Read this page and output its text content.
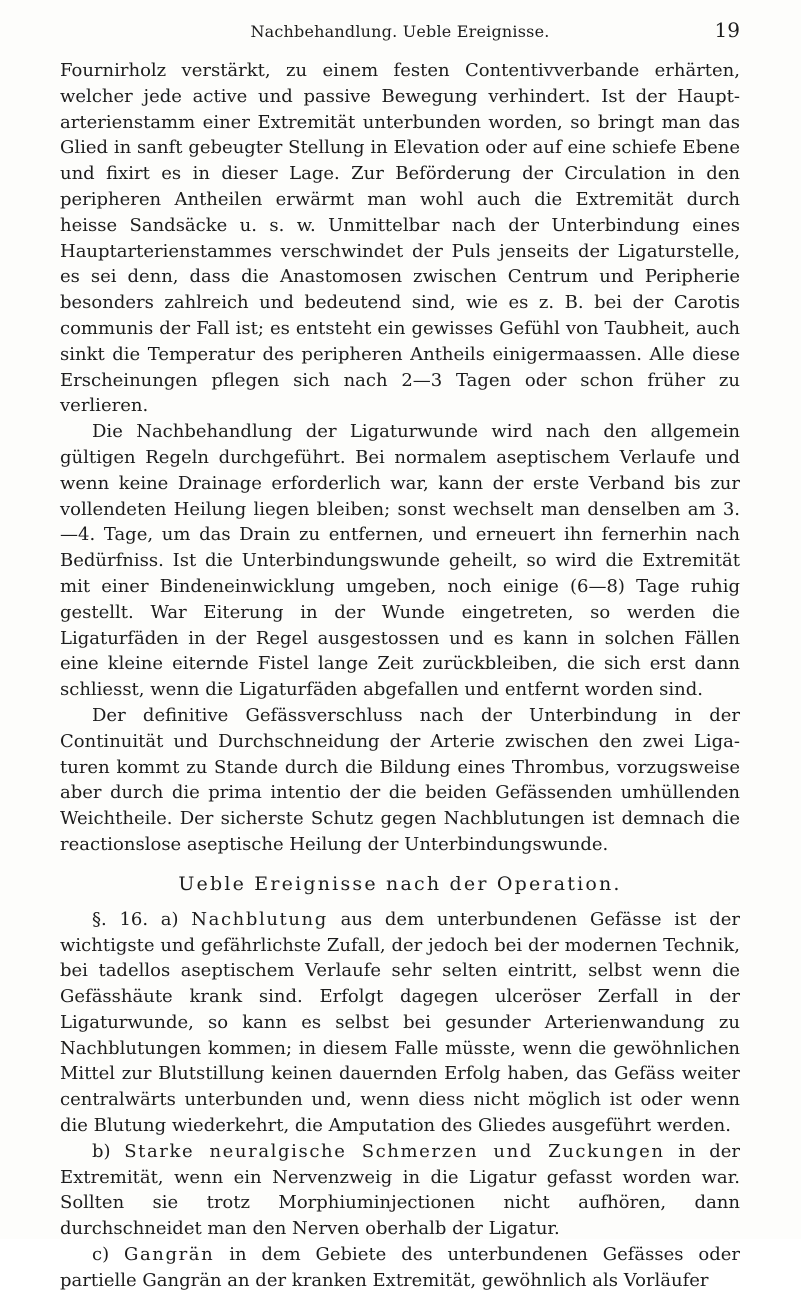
Nachbehandlung. Ueble Ereignisse.	19

Fournirholz verstärkt, zu einem festen Contentivverbande erhärten, welcher jede active und passive Bewegung verhindert. Ist der Hauptarterienstamm einer Extremität unterbunden worden, so bringt man das Glied in sanft gebeugter Stellung in Elevation oder auf eine schiefe Ebene und fixirt es in dieser Lage. Zur Beförderung der Circulation in den peripheren Antheilen erwärmt man wohl auch die Extremität durch heisse Sandsäcke u. s. w. Unmittelbar nach der Unterbindung eines Hauptarterienstammes verschwindet der Puls jenseits der Ligaturstelle, es sei denn, dass die Anastomosen zwischen Centrum und Peripherie besonders zahlreich und bedeutend sind, wie es z. B. bei der Carotis communis der Fall ist; es entsteht ein gewisses Gefühl von Taubheit, auch sinkt die Temperatur des peripheren Antheils einigermaassen. Alle diese Erscheinungen pflegen sich nach 2—3 Tagen oder schon früher zu verlieren.

Die Nachbehandlung der Ligaturwunde wird nach den allgemein gültigen Regeln durchgeführt. Bei normalem aseptischem Verlaufe und wenn keine Drainage erforderlich war, kann der erste Verband bis zur vollendeten Heilung liegen bleiben; sonst wechselt man denselben am 3.—4. Tage, um das Drain zu entfernen, und erneuert ihn fernerhin nach Bedürfniss. Ist die Unterbindungswunde geheilt, so wird die Extremität mit einer Bindeneinwicklung umgeben, noch einige (6—8) Tage ruhig gestellt. War Eiterung in der Wunde eingetreten, so werden die Ligaturfäden in der Regel ausgestossen und es kann in solchen Fällen eine kleine eiternde Fistel lange Zeit zurückbleiben, die sich erst dann schliesst, wenn die Ligaturfäden abgefallen und entfernt worden sind.

Der definitive Gefässverschluss nach der Unterbindung in der Continuität und Durchschneidung der Arterie zwischen den zwei Ligaturen kommt zu Stande durch die Bildung eines Thrombus, vorzugsweise aber durch die prima intentio der die beiden Gefässenden umhüllenden Weichtheile. Der sicherste Schutz gegen Nachblutungen ist demnach die reactionslose aseptische Heilung der Unterbindungswunde.

Ueble Ereignisse nach der Operation.

§. 16. a) Nachblutung aus dem unterbundenen Gefässe ist der wichtigste und gefährlichste Zufall, der jedoch bei der modernen Technik, bei tadellos aseptischem Verlaufe sehr selten eintritt, selbst wenn die Gefässhäute krank sind. Erfolgt dagegen ulceröser Zerfall in der Ligaturwunde, so kann es selbst bei gesunder Arterienwandung zu Nachblutungen kommen; in diesem Falle müsste, wenn die gewöhnlichen Mittel zur Blutstillung keinen dauernden Erfolg haben, das Gefäss weiter centralwärts unterbunden und, wenn diess nicht möglich ist oder wenn die Blutung wiederkehrt, die Amputation des Gliedes ausgeführt werden.

b) Starke neuralgische Schmerzen und Zuckungen in der Extremität, wenn ein Nervenzweig in die Ligatur gefasst worden war. Sollten sie trotz Morphiuminjectionen nicht aufhören, dann durchschneidet man den Nerven oberhalb der Ligatur.

c) Gangrän in dem Gebiete des unterbundenen Gefässes oder partielle Gangrän an der kranken Extremität, gewöhnlich als Vorläufer
